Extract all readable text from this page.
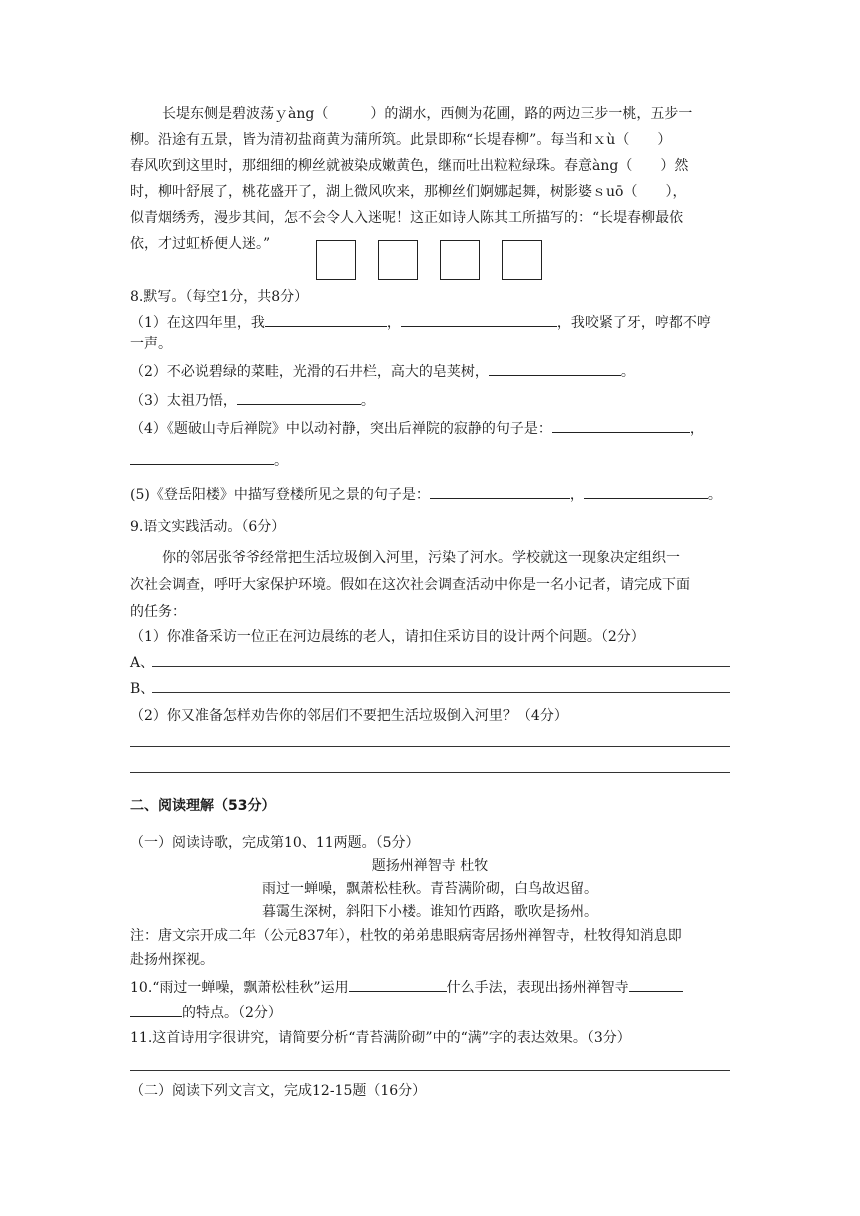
长堤东侧是碧波荡ｙàng（　　　）的湖水，西侧为花圃，路的两边三步一桃，五步一
柳。沿途有五景，皆为清初盐商黄为蒲所筑。此景即称“长堤春柳”。每当和ｘù（　　）
春风吹到这里时，那细细的柳丝就被染成嫩黄色，继而吐出粒粒绿珠。春意àng（　　）然
时，柳叶舒展了，桃花盛开了，湖上微风吹来，那柳丝们婀娜起舞，树影婆ｓuō（　　），
似青烟绣秀，漫步其间，怎不会令人入迷呢！这正如诗人陈其工所描写的：“长堤春柳最依
依，才过虹桥便人迷。”
8.默写。（每空1分，共8分）
（1）在这四年里，我	，	，我咬紧了牙，哼都不哼
一声。
（2）不必说碧绿的菜畦，光滑的石井栏，高大的皂荚树，	。
（3）太祖乃悟，	。
（4）《题破山寺后禅院》中以动衬静，突出后禅院的寂静的句子是：	，
。
(5)《登岳阳楼》中描写登楼所见之景的句子是：	，	。
9.语文实践活动。（6分）
你的邻居张爷爷经常把生活垃圾倒入河里，污染了河水。学校就这一现象决定组织一
次社会调查，呼吁大家保护环境。假如在这次社会调查活动中你是一名小记者，请完成下面
的任务：
（1）你准备采访一位正在河边晨练的老人，请扣住采访目的设计两个问题。（2分）
A、
B、
（2）你又准备怎样劝告你的邻居们不要把生活垃圾倒入河里？（4分）
二、阅读理解（53分）
（一）阅读诗歌，完成第10、11两题。（5分）
题扬州禅智寺 杜牧
雨过一蝉噪，飘萧松桂秋。青苔满阶砌，白鸟故迟留。
暮霭生深树，斜阳下小楼。谁知竹西路，歌吹是扬州。
注：唐文宗开成二年（公元837年），杜牧的弟弟患眼病寄居扬州禅智寺，杜牧得知消息即
赴扬州探视。
10.“雨过一蝉噪，飘萧松桂秋”运用	什么手法，表现出扬州禅智寺
的特点。（2分）
11.这首诗用字很讲究，请简要分析“青苔满阶砌”中的“满”字的表达效果。（3分）
（二）阅读下列文言文，完成12-15题（16分）
